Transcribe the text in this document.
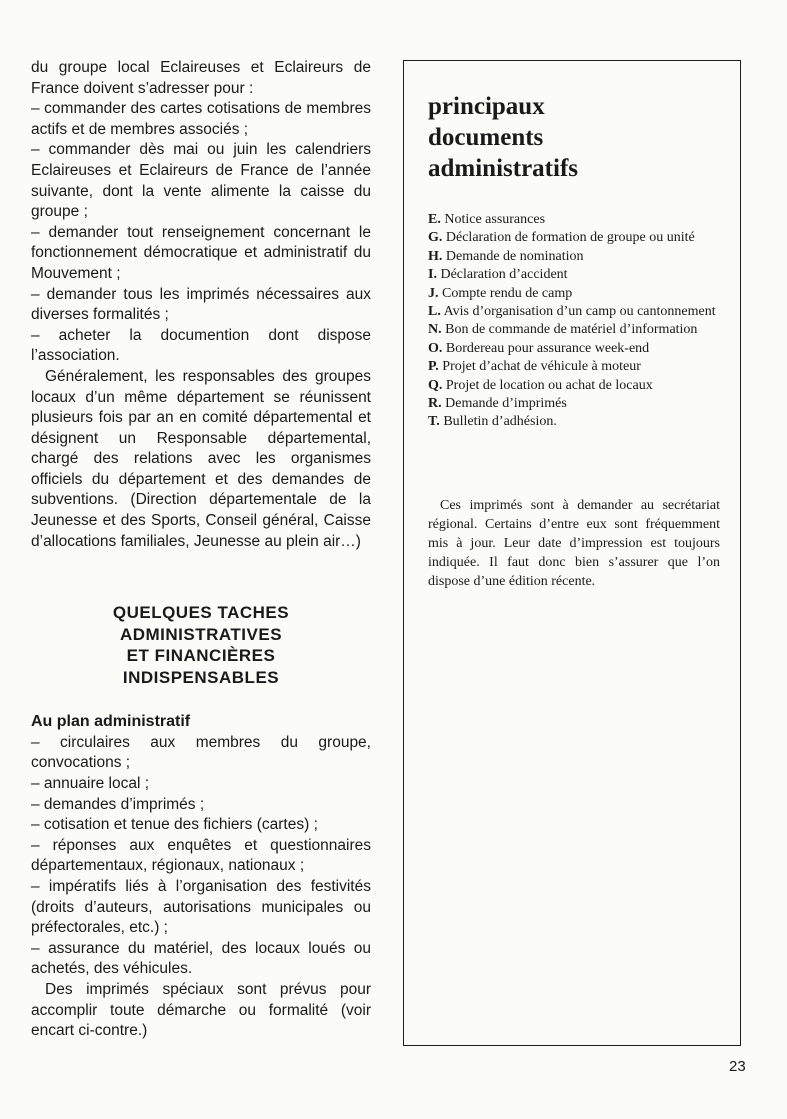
du groupe local Eclaireuses et Eclaireurs de France doivent s’adresser pour :

– commander des cartes cotisations de membres actifs et de membres associés ;

– commander dès mai ou juin les calendriers Eclaireuses et Eclaireurs de France de l’année suivante, dont la vente alimente la caisse du groupe ;

– demander tout renseignement concernant le fonctionnement démocratique et administratif du Mouvement ;

– demander tous les imprimés nécessaires aux diverses formalités ;

– acheter la documention dont dispose l’association.

Généralement, les responsables des groupes locaux d’un même département se réunissent plusieurs fois par an en comité départemental et désignent un Responsable départemental, chargé des relations avec les organismes officiels du département et des demandes de subventions. (Direction départementale de la Jeunesse et des Sports, Conseil général, Caisse d’allocations familiales, Jeunesse au plein air…)

QUELQUES TACHES
ADMINISTRATIVES
ET FINANCIÈRES
INDISPENSABLES

Au plan administratif

– circulaires aux membres du groupe, convocations ;

– annuaire local ;

– demandes d’imprimés ;

– cotisation et tenue des fichiers (cartes) ;

– réponses aux enquêtes et questionnaires départementaux, régionaux, nationaux ;

– impératifs liés à l’organisation des festivités (droits d’auteurs, autorisations municipales ou préfectorales, etc.) ;

– assurance du matériel, des locaux loués ou achetés, des véhicules.

Des imprimés spéciaux sont prévus pour accomplir toute démarche ou formalité (voir encart ci-contre.)

principaux
documents
administratifs
E. Notice assurances
G. Déclaration de formation de groupe ou unité
H. Demande de nomination
I. Déclaration d’accident
J. Compte rendu de camp
L. Avis d’organisation d’un camp ou cantonnement
N. Bon de commande de matériel d’information
O. Bordereau pour assurance week-end
P. Projet d’achat de véhicule à moteur
Q. Projet de location ou achat de locaux
R. Demande d’imprimés
T. Bulletin d’adhésion.

Ces imprimés sont à demander au secrétariat régional. Certains d’entre eux sont fréquemment mis à jour. Leur date d’impression est toujours indiquée. Il faut donc bien s’assurer que l’on dispose d’une édition récente.

23
